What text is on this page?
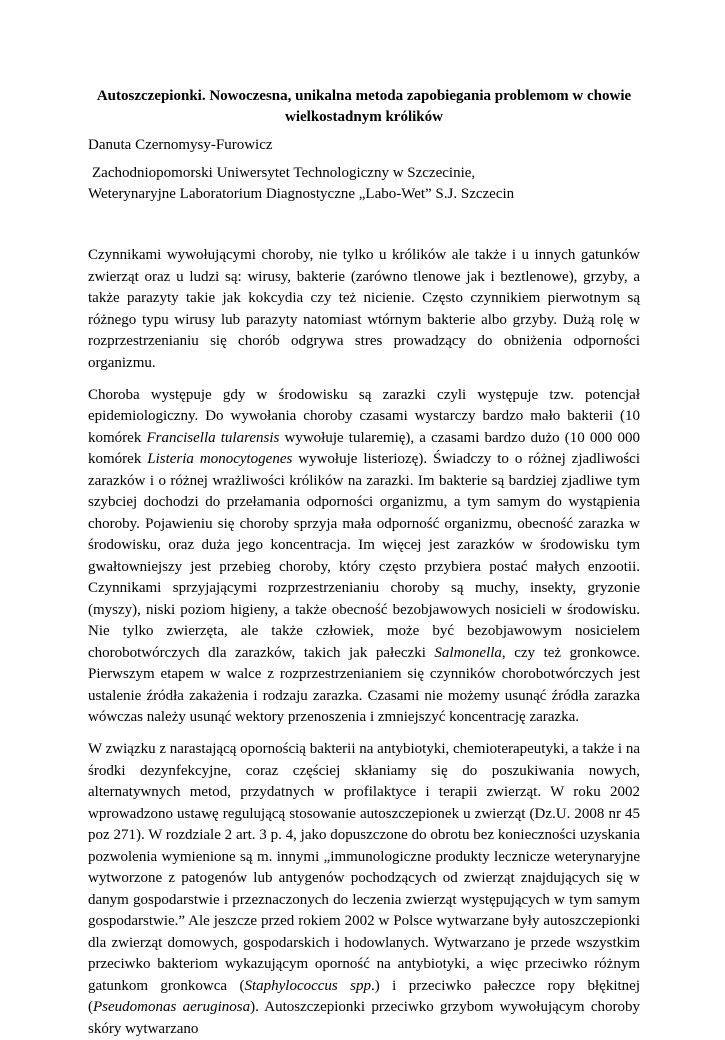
Autoszczepionki. Nowoczesna, unikalna metoda zapobiegania problemom w chowie wielkostadnym królików
Danuta Czernomysy-Furowicz
Zachodniopomorski Uniwersytet Technologiczny w Szczecinie,
Weterynaryjne Laboratorium Diagnostyczne „Labo-Wet” S.J. Szczecin

Czynnikami wywołującymi choroby, nie tylko u królików ale także i u innych gatunków zwierząt oraz u ludzi są: wirusy, bakterie (zarówno tlenowe jak i beztlenowe), grzyby, a także parazyty takie jak kokcydia czy też nicienie. Często czynnikiem pierwotnym są różnego typu wirusy lub parazyty natomiast wtórnym bakterie albo grzyby. Dużą rolę w rozprzestrzenianiu się chorób odgrywa stres prowadzący do obniżenia odporności organizmu.

Choroba występuje gdy w środowisku są zarazki czyli występuje tzw. potencjał epidemiologiczny. Do wywołania choroby czasami wystarczy bardzo mało bakterii (10 komórek Francisella tularensis wywołuje tularemię), a czasami bardzo dużo (10 000 000 komórek Listeria monocytogenes wywołuje listeriozę). Świadczy to o różnej zjadliwości zarazków i o różnej wrażliwości królików na zarazki. Im bakterie są bardziej zjadliwe tym szybciej dochodzi do przełamania odporności organizmu, a tym samym do wystąpienia choroby. Pojawieniu się choroby sprzyja mała odporność organizmu, obecność zarazka w środowisku, oraz duża jego koncentracja. Im więcej jest zarazków w środowisku tym gwałtowniejszy jest przebieg choroby, który często przybiera postać małych enzootii. Czynnikami sprzyjającymi rozprzestrzenianiu choroby są muchy, insekty, gryzonie (myszy), niski poziom higieny, a także obecność bezobjawowych nosicieli w środowisku. Nie tylko zwierzęta, ale także człowiek, może być bezobjawowym nosicielem chorobotwórczych dla zarazków, takich jak pałeczki Salmonella, czy też gronkowce. Pierwszym etapem w walce z rozprzestrzenianiem się czynników chorobotwórczych jest ustalenie źródła zakażenia i rodzaju zarazka. Czasami nie możemy usunąć źródła zarazka wówczas należy usunąć wektory przenoszenia i zmniejszyć koncentrację zarazka.

W związku z narastającą opornością bakterii na antybiotyki, chemioterapeutyki, a także i na środki dezynfekcyjne, coraz częściej skłaniamy się do poszukiwania nowych, alternatywnych metod, przydatnych w profilaktyce i terapii zwierząt. W roku 2002 wprowadzono ustawę regulującą stosowanie autoszczepionek u zwierząt (Dz.U. 2008 nr 45 poz 271). W rozdziale 2 art. 3 p. 4, jako dopuszczone do obrotu bez konieczności uzyskania pozwolenia wymienione są m. innymi „immunologiczne produkty lecznicze weterynaryjne wytworzone z patogenów lub antygenów pochodzących od zwierząt znajdujących się w danym gospodarstwie i przeznaczonych do leczenia zwierząt występujących w tym samym gospodarstwie.” Ale jeszcze przed rokiem 2002 w Polsce wytwarzane były autoszczepionki dla zwierząt domowych, gospodarskich i hodowlanych. Wytwarzano je przede wszystkim przeciwko bakteriom wykazującym oporność na antybiotyki, a więc przeciwko różnym gatunkom gronkowca (Staphylococcus spp.) i przeciwko pałeczce ropy błękitnej (Pseudomonas aeruginosa). Autoszczepionki przeciwko grzybom wywołującym choroby skóry wytwarzano
